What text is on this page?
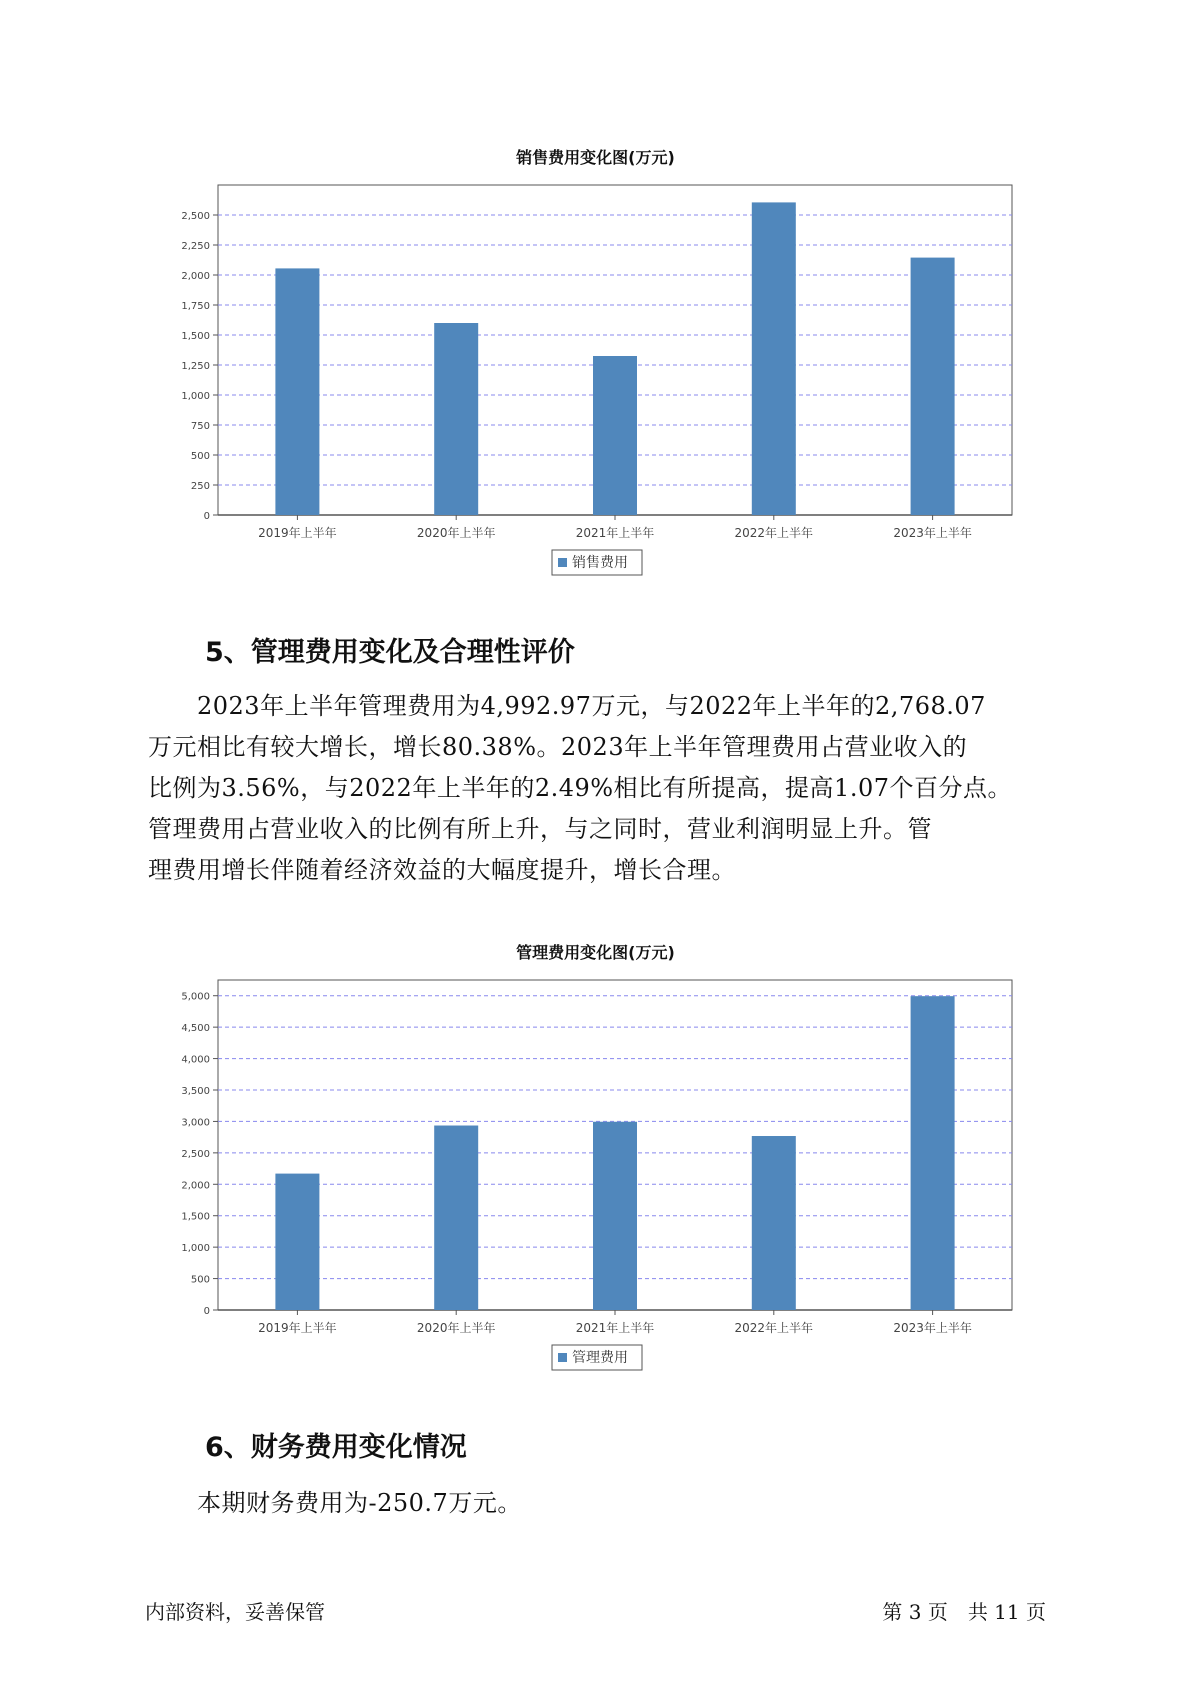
销售费用变化图(万元)
0
250
500
750
1,000
1,250
1,500
1,750
2,000
2,250
2,500
2019年上半年	2020年上半年	2021年上半年	2022年上半年	2023年上半年
销售费用
5、管理费用变化及合理性评价
　　2023年上半年管理费用为4,992.97万元，与2022年上半年的2,768.07
万元相比有较大增长，增长80.38%。2023年上半年管理费用占营业收入的
比例为3.56%，与2022年上半年的2.49%相比有所提高，提高1.07个百分点。
管理费用占营业收入的比例有所上升，与之同时，营业利润明显上升。管
理费用增长伴随着经济效益的大幅度提升，增长合理。
管理费用变化图(万元)
0
500
1,000
1,500
2,000
2,500
3,000
3,500
4,000
4,500
5,000
2019年上半年	2020年上半年	2021年上半年	2022年上半年	2023年上半年
管理费用
6、财务费用变化情况
　　本期财务费用为-250.7万元。
内部资料，妥善保管	第 3 页　共 11 页
